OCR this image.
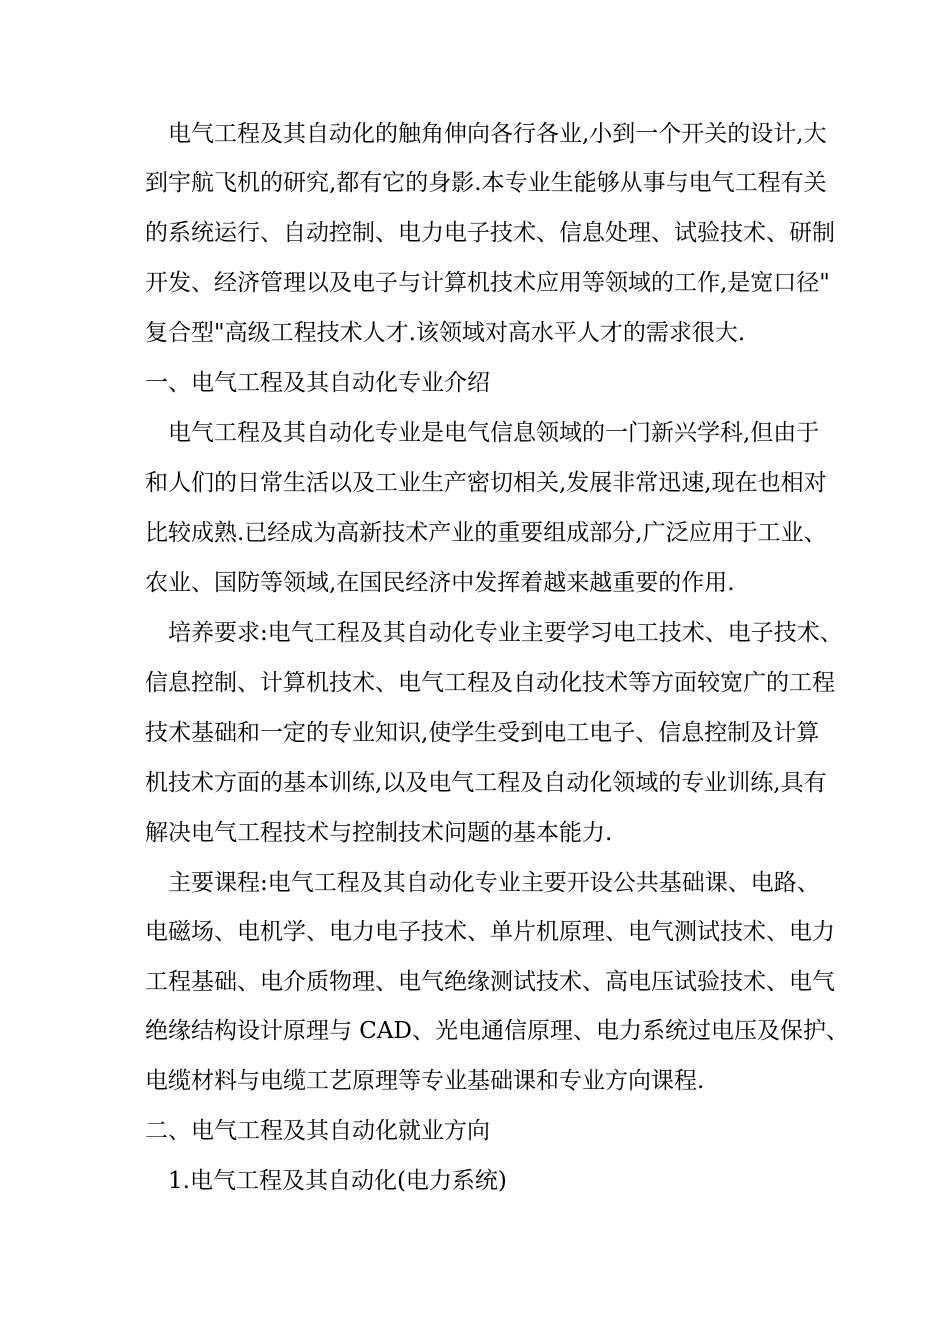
电气工程及其自动化的触角伸向各行各业,小到一个开关的设计,大
到宇航飞机的研究,都有它的身影.本专业生能够从事与电气工程有关
的系统运行、自动控制、电力电子技术、信息处理、试验技术、研制
开发、经济管理以及电子与计算机技术应用等领域的工作,是宽口径"
复合型"高级工程技术人才.该领域对高水平人才的需求很大.
一、电气工程及其自动化专业介绍
电气工程及其自动化专业是电气信息领域的一门新兴学科,但由于
和人们的日常生活以及工业生产密切相关,发展非常迅速,现在也相对
比较成熟.已经成为高新技术产业的重要组成部分,广泛应用于工业、
农业、国防等领域,在国民经济中发挥着越来越重要的作用.
培养要求:电气工程及其自动化专业主要学习电工技术、电子技术、
信息控制、计算机技术、电气工程及自动化技术等方面较宽广的工程
技术基础和一定的专业知识,使学生受到电工电子、信息控制及计算
机技术方面的基本训练,以及电气工程及自动化领域的专业训练,具有
解决电气工程技术与控制技术问题的基本能力.
主要课程:电气工程及其自动化专业主要开设公共基础课、电路、
电磁场、电机学、电力电子技术、单片机原理、电气测试技术、电力
工程基础、电介质物理、电气绝缘测试技术、高电压试验技术、电气
绝缘结构设计原理与 CAD、光电通信原理、电力系统过电压及保护、
电缆材料与电缆工艺原理等专业基础课和专业方向课程.
二、电气工程及其自动化就业方向
1.电气工程及其自动化(电力系统)
